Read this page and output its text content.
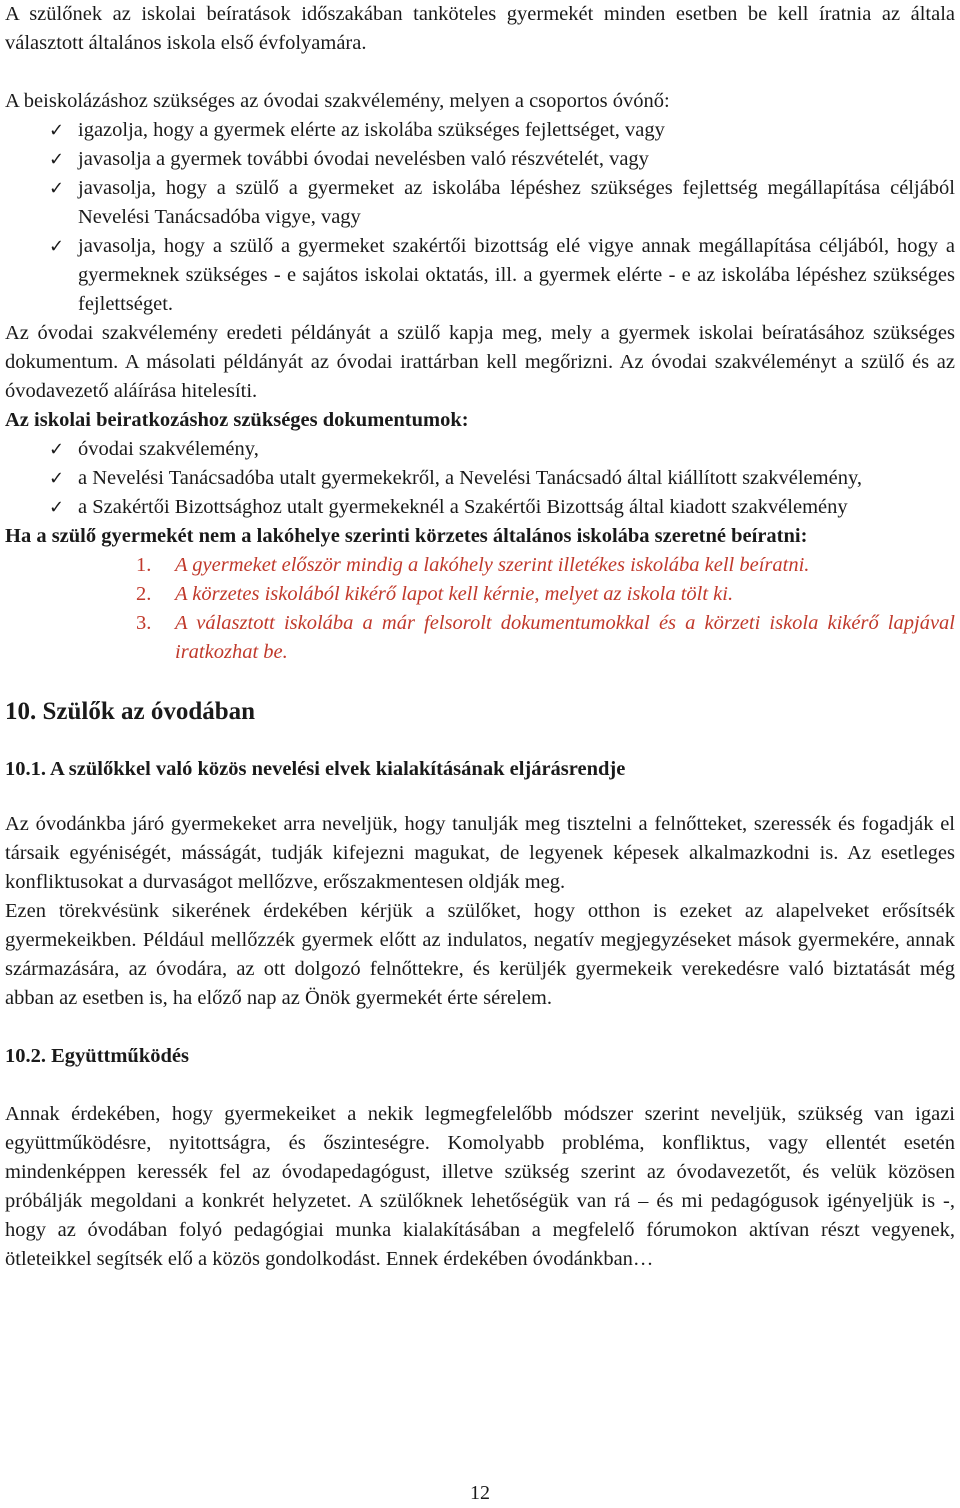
A szülőnek az iskolai beíratások időszakában tanköteles gyermekét minden esetben be kell íratnia az általa választott általános iskola első évfolyamára.

A beiskolázáshoz szükséges az óvodai szakvélemény, melyen a csoportos óvónő:

✓ igazolja, hogy a gyermek elérte az iskolába szükséges fejlettséget, vagy
✓ javasolja a gyermek további óvodai nevelésben való részvételét, vagy
✓ javasolja, hogy a szülő a gyermeket az iskolába lépéshez szükséges fejlettség megállapítása céljából Nevelési Tanácsadóba vigye, vagy
✓ javasolja, hogy a szülő a gyermeket szakértői bizottság elé vigye annak megállapítása céljából, hogy a gyermeknek szükséges - e sajátos iskolai oktatás, ill. a gyermek elérte - e az iskolába lépéshez szükséges fejlettséget.

Az óvodai szakvélemény eredeti példányát a szülő kapja meg, mely a gyermek iskolai beíratásához szükséges dokumentum. A másolati példányát az óvodai irattárban kell megőrizni. Az óvodai szakvéleményt a szülő és az óvodavezető aláírása hitelesíti.

Az iskolai beiratkozáshoz szükséges dokumentumok:

✓ óvodai szakvélemény,
✓ a Nevelési Tanácsadóba utalt gyermekekről, a Nevelési Tanácsadó által kiállított szakvélemény,
✓ a Szakértői Bizottsághoz utalt gyermekeknél a Szakértői Bizottság által kiadott szakvélemény

Ha a szülő gyermekét nem a lakóhelye szerinti körzetes általános iskolába szeretné beíratni:

1. A gyermeket először mindig a lakóhely szerint illetékes iskolába kell beíratni.
2. A körzetes iskolából kikérő lapot kell kérnie, melyet az iskola tölt ki.
3. A választott iskolába a már felsorolt dokumentumokkal és a körzeti iskola kikérő lapjával iratkozhat be.
10. Szülők az óvodában
10.1. A szülőkkel való közös nevelési elvek kialakításának eljárásrendje

Az óvodánkba járó gyermekeket arra neveljük, hogy tanulják meg tisztelni a felnőtteket, szeressék és fogadják el társaik egyéniségét, másságát, tudják kifejezni magukat, de legyenek képesek alkalmazkodni is. Az esetleges konfliktusokat a durvaságot mellőzve, erőszakmentesen oldják meg.

Ezen törekvésünk sikerének érdekében kérjük a szülőket, hogy otthon is ezeket az alapelveket erősítsék gyermekeikben. Például mellőzzék gyermek előtt az indulatos, negatív megjegyzéseket mások gyermekére, annak származására, az óvodára, az ott dolgozó felnőttekre, és kerüljék gyermekeik verekedésre való biztatását még abban az esetben is, ha előző nap az Önök gyermekét érte sérelem.

10.2. Együttműködés

Annak érdekében, hogy gyermekeiket a nekik legmegfelelőbb módszer szerint neveljük, szükség van igazi együttműködésre, nyitottságra, és őszinteségre. Komolyabb probléma, konfliktus, vagy ellentét esetén mindenképpen keressék fel az óvodapedagógust, illetve szükség szerint az óvodavezetőt, és velük közösen próbálják megoldani a konkrét helyzetet. A szülőknek lehetőségük van rá – és mi pedagógusok igényeljük is -, hogy az óvodában folyó pedagógiai munka kialakításában a megfelelő fórumokon aktívan részt vegyenek, ötleteikkel segítsék elő a közös gondolkodást. Ennek érdekében óvodánkban…

12
